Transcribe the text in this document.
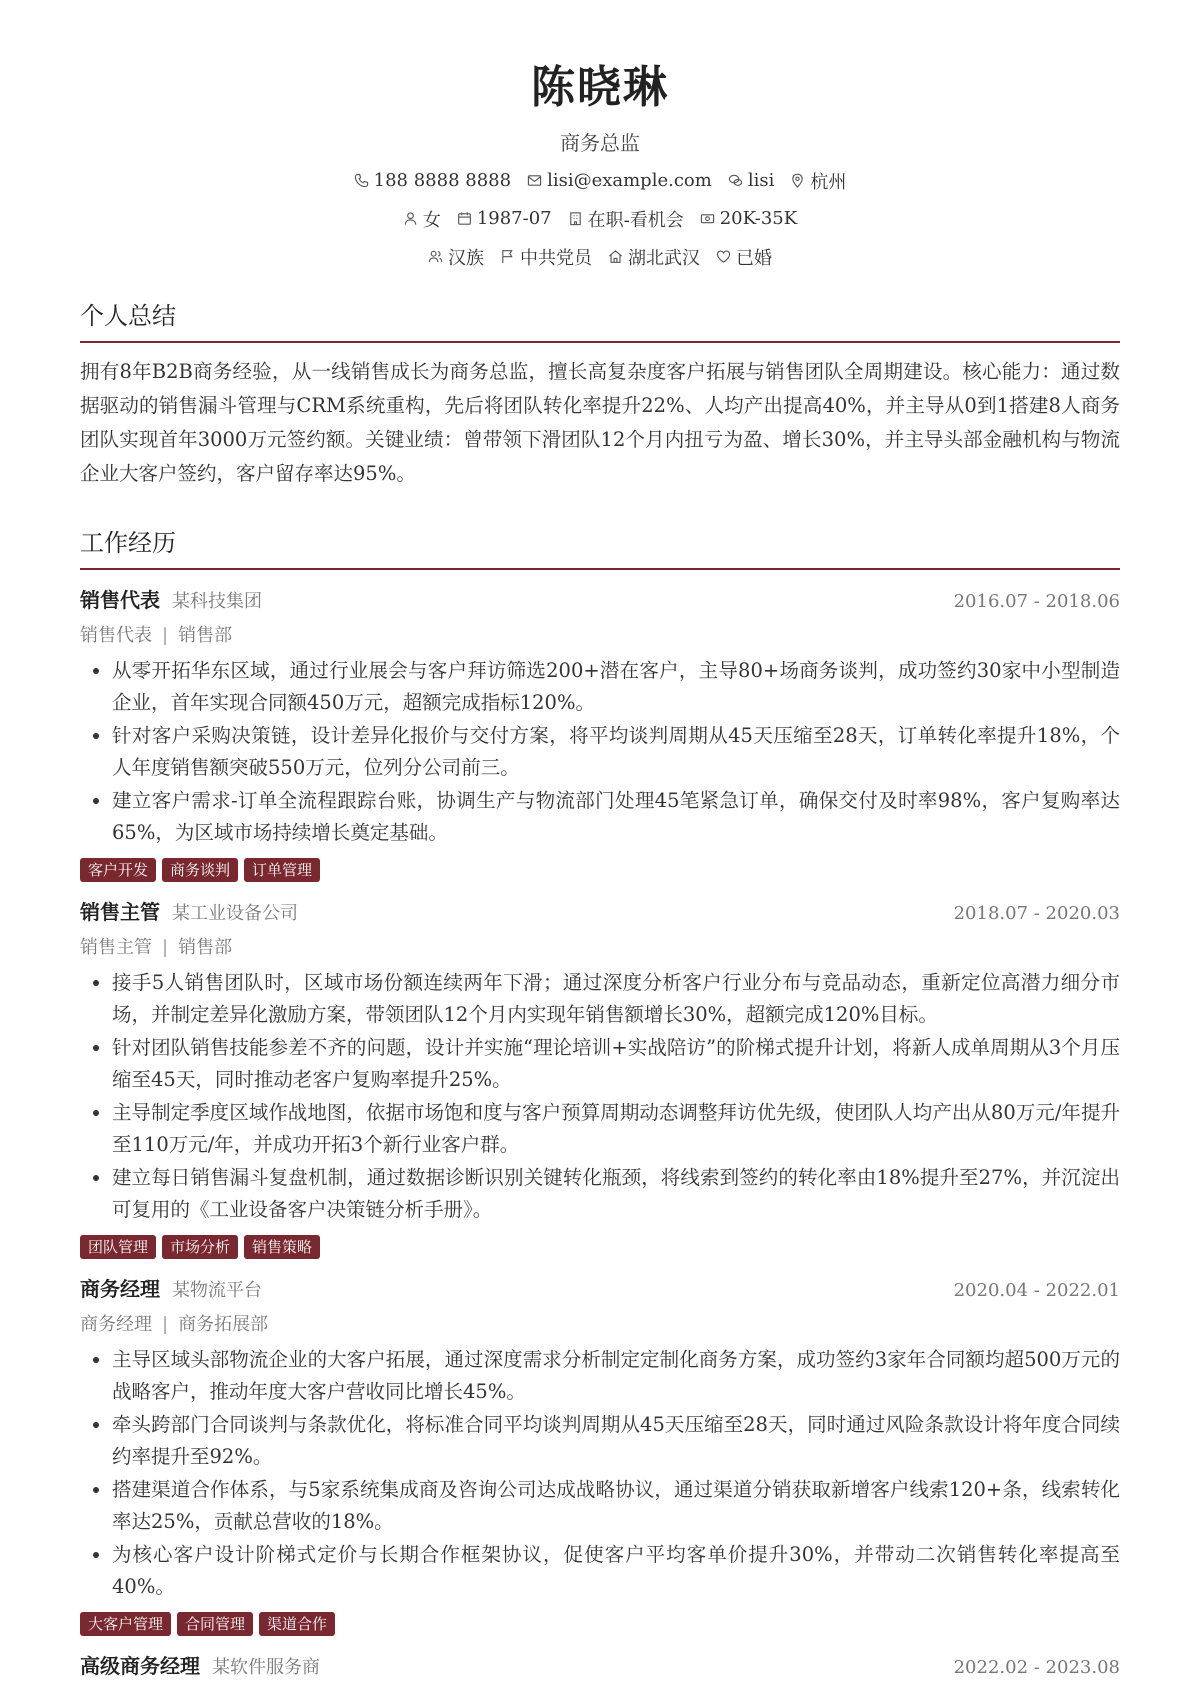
陈晓琳
商务总监
188 8888 8888 lisi@example.com lisi 杭州
女 1987-07 在职-看机会 20K-35K
汉族 中共党员 湖北武汉 已婚
个人总结
拥有8年B2B商务经验，从一线销售成长为商务总监，擅长高复杂度客户拓展与销售团队全周期建设。核心能力：通过数据驱动的销售漏斗管理与CRM系统重构，先后将团队转化率提升22%、人均产出提高40%，并主导从0到1搭建8人商务团队实现首年3000万元签约额。关键业绩：曾带领下滑团队12个月内扭亏为盈、增长30%，并主导头部金融机构与物流企业大客户签约，客户留存率达95%。
工作经历
销售代表 某科技集团	2016.07 - 2018.06
销售代表 | 销售部
• 从零开拓华东区域，通过行业展会与客户拜访筛选200+潜在客户，主导80+场商务谈判，成功签约30家中小型制造企业，首年实现合同额450万元，超额完成指标120%。
• 针对客户采购决策链，设计差异化报价与交付方案，将平均谈判周期从45天压缩至28天，订单转化率提升18%，个人年度销售额突破550万元，位列分公司前三。
• 建立客户需求-订单全流程跟踪台账，协调生产与物流部门处理45笔紧急订单，确保交付及时率98%，客户复购率达65%，为区域市场持续增长奠定基础。
客户开发	商务谈判	订单管理
销售主管 某工业设备公司	2018.07 - 2020.03
销售主管 | 销售部
• 接手5人销售团队时，区域市场份额连续两年下滑；通过深度分析客户行业分布与竞品动态，重新定位高潜力细分市场，并制定差异化激励方案，带领团队12个月内实现年销售额增长30%，超额完成120%目标。
• 针对团队销售技能参差不齐的问题，设计并实施“理论培训+实战陪访”的阶梯式提升计划，将新人成单周期从3个月压缩至45天，同时推动老客户复购率提升25%。
• 主导制定季度区域作战地图，依据市场饱和度与客户预算周期动态调整拜访优先级，使团队人均产出从80万元/年提升至110万元/年，并成功开拓3个新行业客户群。
• 建立每日销售漏斗复盘机制，通过数据诊断识别关键转化瓶颈，将线索到签约的转化率由18%提升至27%，并沉淀出可复用的《工业设备客户决策链分析手册》。
团队管理	市场分析	销售策略
商务经理 某物流平台	2020.04 - 2022.01
商务经理 | 商务拓展部
• 主导区域头部物流企业的大客户拓展，通过深度需求分析制定定制化商务方案，成功签约3家年合同额均超500万元的战略客户，推动年度大客户营收同比增长45%。
• 牵头跨部门合同谈判与条款优化，将标准合同平均谈判周期从45天压缩至28天，同时通过风险条款设计将年度合同续约率提升至92%。
• 搭建渠道合作体系，与5家系统集成商及咨询公司达成战略协议，通过渠道分销获取新增客户线索120+条，线索转化率达25%，贡献总营收的18%。
• 为核心客户设计阶梯式定价与长期合作框架协议，促使客户平均客单价提升30%，并带动二次销售转化率提高至40%。
大客户管理	合同管理	渠道合作
高级商务经理 某软件服务商	2022.02 - 2023.08
